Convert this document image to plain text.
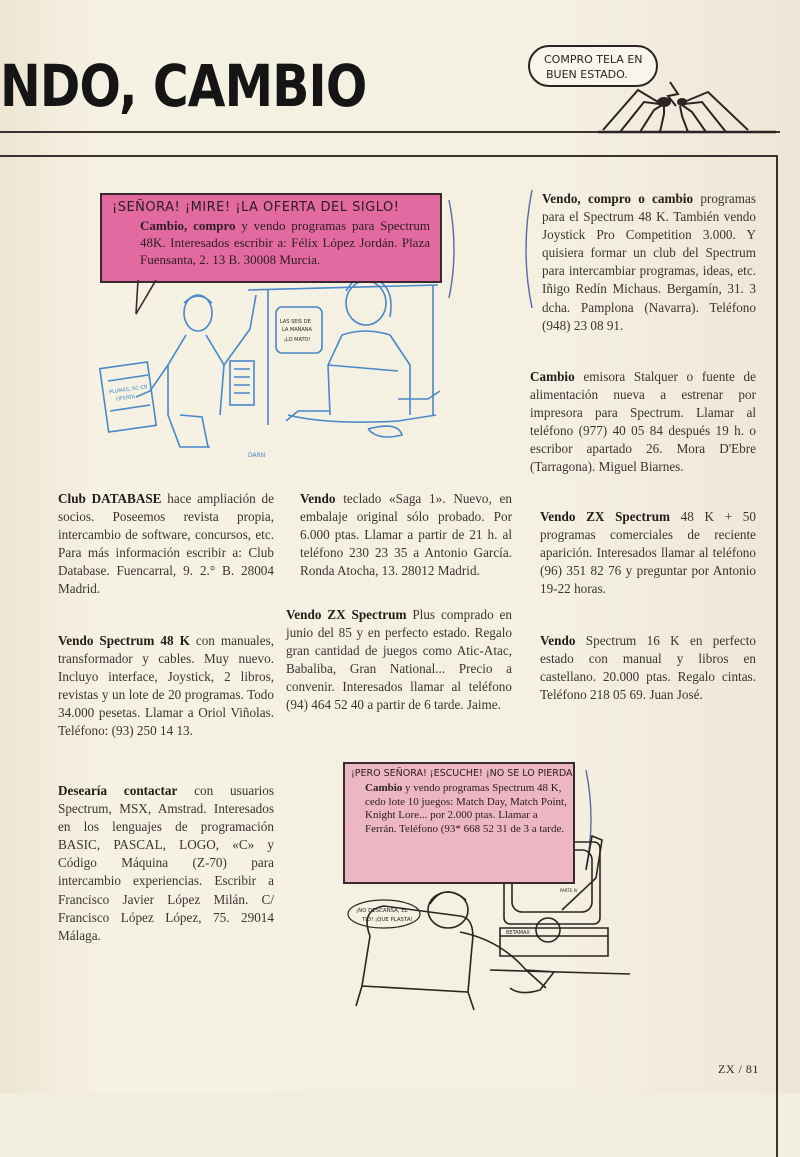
NDO, CAMBIO	COMPRO TELA EN
BUEN ESTADO.
LAS SEIS DE
LA MAÑANA
¡LO MATO!
PLUMAS, RC-CB
OFERTA
DARN
¡SEÑORA! ¡MIRE! ¡LA OFERTA DEL SIGLO!
Cambio, compro y vendo programas para Spectrum 48K. Interesados escribir a: Félix López Jordán. Plaza Fuensanta, 2. 13 B. 30008 Murcia.

Vendo, compro o cambio programas para el Spectrum 48 K. También vendo Joystick Pro Competition 3.000. Y quisiera formar un club del Spectrum para intercambiar programas, ideas, etc. Iñigo Redín Michaus. Bergamín, 31. 3 dcha. Pamplona (Navarra). Teléfono (948) 23 08 91.

Cambio emisora Stalquer o fuente de alimentación nueva a estrenar por impresora para Spectrum. Llamar al teléfono (977) 40 05 84 después 19 h. o escribor apartado 26. Mora D'Ebre (Tarragona). Miguel Biarnes.

Club DATABASE hace ampliación de socios. Poseemos revista propia, intercambio de software, concursos, etc. Para más información escribir a: Club Database. Fuencarral, 9. 2.° B. 28004 Madrid.

Vendo teclado «Saga 1». Nuevo, en embalaje original sólo probado. Por 6.000 ptas. Llamar a partir de 21 h. al teléfono 230 23 35 a Antonio García. Ronda Atocha, 13. 28012 Madrid.

Vendo ZX Spectrum 48 K + 50 programas comerciales de reciente aparición. Interesados llamar al teléfono (96) 351 82 76 y preguntar por Antonio 19-22 horas.

Vendo Spectrum 48 K con manuales, transformador y cables. Muy nuevo. Incluyo interface, Joystick, 2 libros, revistas y un lote de 20 programas. Todo 34.000 pesetas. Llamar a Oriol Viñolas. Teléfono: (93) 250 14 13.

Vendo ZX Spectrum Plus comprado en junio del 85 y en perfecto estado. Regalo gran cantidad de juegos como Atic-Atac, Babaliba, Gran National... Precio a convenir. Interesados llamar al teléfono (94) 464 52 40 a partir de 6 tarde. Jaime.

Vendo Spectrum 16 K en perfecto estado con manual y libros en castellano. 20.000 ptas. Regalo cintas. Teléfono 218 05 69. Juan José.

Desearía contactar con usuarios Spectrum, MSX, Amstrad. Interesados en los lenguajes de programación BASIC, PASCAL, LOGO, «C» y Código Máquina (Z-70) para intercambio experiencias. Escribir a Francisco Javier López Milán. C/ Francisco López López, 75. 29014 Málaga.

PARTE IV
BETAMAX
¡NO DESCANSA, EL
TIO! ¡QUE PLASTA!
¡PERO SEÑORA! ¡ESCUCHE! ¡NO SE LO PIERDA!
Cambio y vendo programas Spectrum 48 K, cedo lote 10 juegos: Match Day, Match Point, Knight Lore... por 2.000 ptas. Llamar a Ferrán. Teléfono (93* 668 52 31 de 3 a tarde.
ZX / 81
